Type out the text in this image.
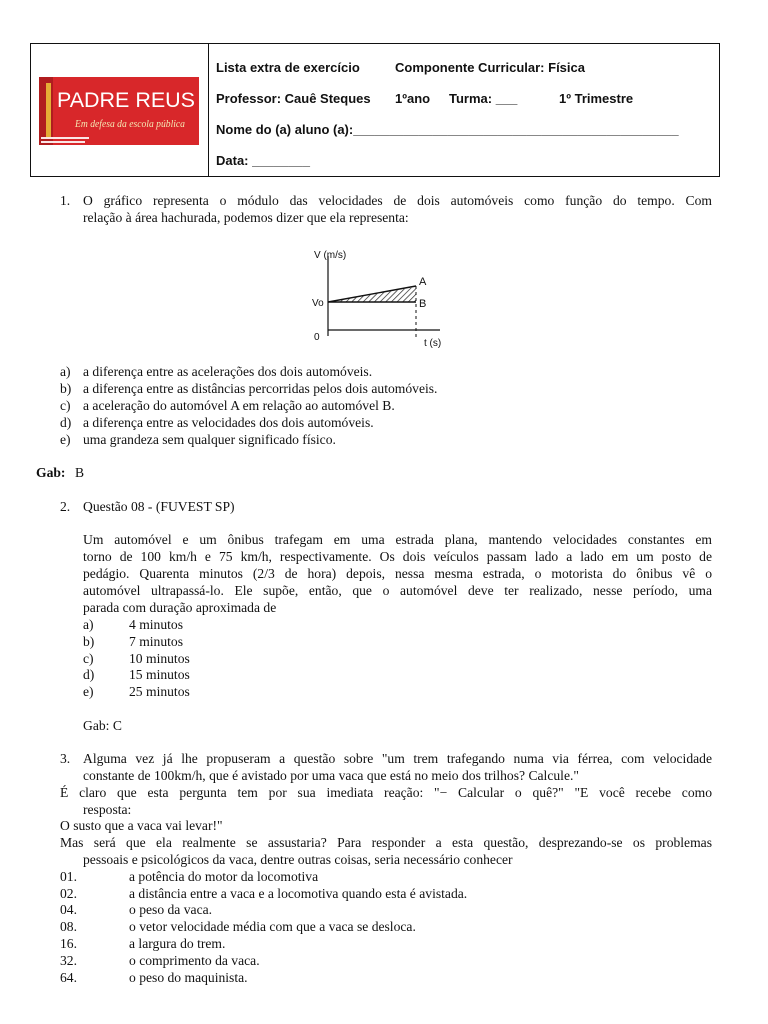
PADRE REUS
Em defesa da escola pública
Lista extra de exercício	Componente Curricular: Física
Professor: Cauê Steques 1ºano Turma: ___	1º Trimestre
Nome do (a) aluno (a):_____________________________________________
Data: ________
1. O gráfico representa o módulo das velocidades de dois automóveis como função do tempo. Com
relação à área hachurada, podemos dizer que ela representa:
V (m/s)
t (s)
Vo
0
A
B
a) a diferença entre as acelerações dos dois automóveis.
b) a diferença entre as distâncias percorridas pelos dois automóveis.
c) a aceleração do automóvel A em relação ao automóvel B.
d) a diferença entre as velocidades dos dois automóveis.
e) uma grandeza sem qualquer significado físico.
Gab: B
2. Questão 08 - (FUVEST SP)
Um automóvel e um ônibus trafegam em uma estrada plana, mantendo velocidades constantes em
torno de 100 km/h e 75 km/h, respectivamente. Os dois veículos passam lado a lado em um posto de
pedágio. Quarenta minutos (2/3 de hora) depois, nessa mesma estrada, o motorista do ônibus vê o
automóvel ultrapassá-lo. Ele supõe, então, que o automóvel deve ter realizado, nesse período, uma
parada com duração aproximada de
a)	4 minutos
b)	7 minutos
c)	10 minutos
d)	15 minutos
e)	25 minutos
Gab: C
3. Alguma vez já lhe propuseram a questão sobre "um trem trafegando numa via férrea, com velocidade
constante de 100km/h, que é avistado por uma vaca que está no meio dos trilhos? Calcule."
É claro que esta pergunta tem por sua imediata reação: "− Calcular o quê?" "E você recebe como
resposta:
O susto que a vaca vai levar!"
Mas será que ela realmente se assustaria? Para responder a esta questão, desprezando-se os problemas
pessoais e psicológicos da vaca, dentre outras coisas, seria necessário conhecer
01.	a potência do motor da locomotiva
02.	a distância entre a vaca e a locomotiva quando esta é avistada.
04.	o peso da vaca.
08.	o vetor velocidade média com que a vaca se desloca.
16.	a largura do trem.
32.	o comprimento da vaca.
64.	o peso do maquinista.
